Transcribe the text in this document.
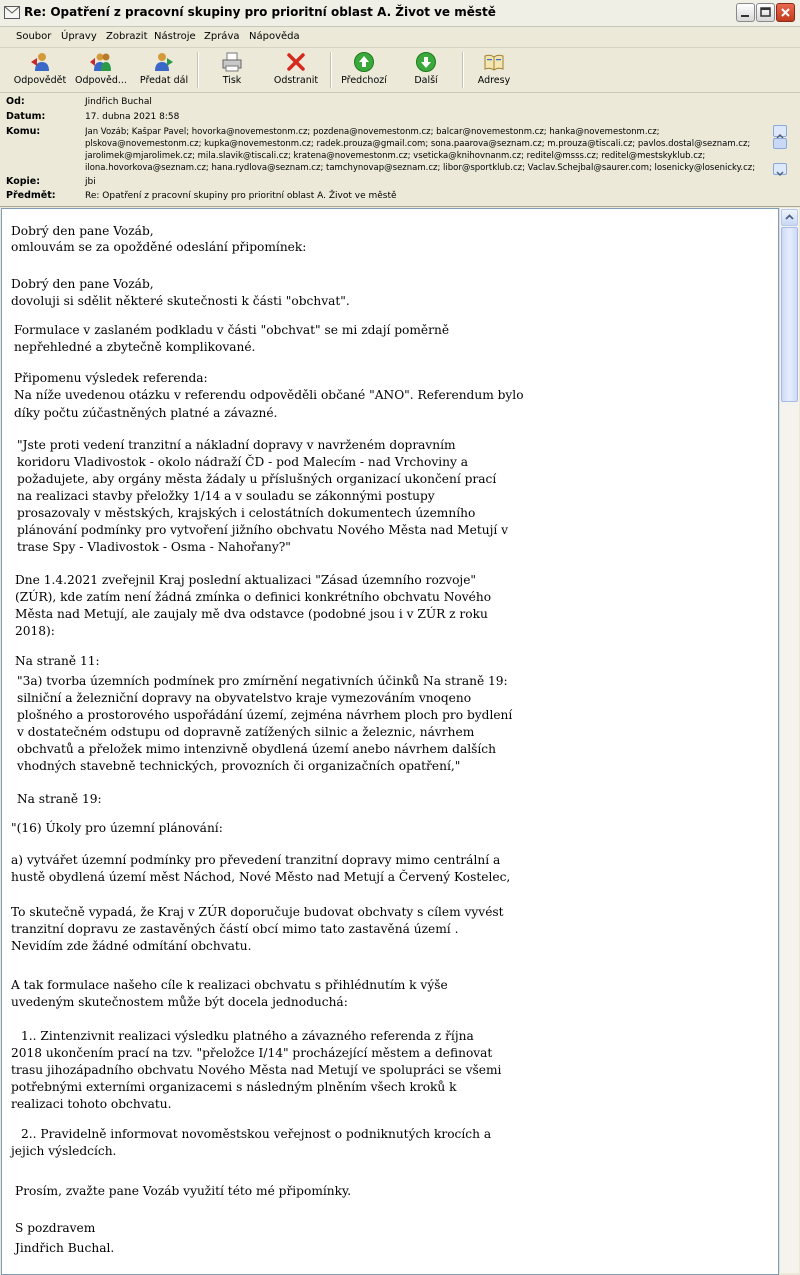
Re: Opatření z pracovní skupiny pro prioritní oblast A. Život ve městě
Soubor Úpravy Zobrazit Nástroje Zpráva Nápověda
Odpovědět Odpověd...	Předat dál	Tisk	Odstranit	Předchozí	Další	Adresy
Od:	Jindřich Buchal
Datum:	17. dubna 2021 8:58
Komu:	Jan Vozáb; Kašpar Pavel; hovorka@novemestonm.cz; pozdena@novemestonm.cz; balcar@novemestonm.cz; hanka@novemestonm.cz;
plskova@novemestonm.cz; kupka@novemestonm.cz; radek.prouza@gmail.com; sona.paarova@seznam.cz; m.prouza@tiscali.cz; pavlos.dostal@seznam.cz;
jarolimek@mjarolimek.cz; mila.slavik@tiscali.cz; kratena@novemestonm.cz; vseticka@knihovnanm.cz; reditel@msss.cz; reditel@mestskyklub.cz;
ilona.hovorkova@seznam.cz; hana.rydlova@seznam.cz; tamchynovap@seznam.cz; libor@sportklub.cz; Vaclav.Schejbal@saurer.com; losenicky@losenicky.cz;
Kopie:	jbi
Předmět:	Re: Opatření z pracovní skupiny pro prioritní oblast A. Život ve městě
Dobrý den pane Vozáb,
omlouvám se za opožděné odeslání připomínek:
Dobrý den pane Vozáb,
dovoluji si sdělit některé skutečnosti k části "obchvat".
Formulace v zaslaném podkladu v části "obchvat" se mi zdají poměrně
nepřehledné a zbytečně komplikované.
Připomenu výsledek referenda:
Na níže uvedenou otázku v referendu odpověděli občané "ANO". Referendum bylo
díky počtu zúčastněných platné a závazné.
"Jste proti vedení tranzitní a nákladní dopravy v navrženém dopravním
koridoru Vladivostok - okolo nádraží ČD - pod Malecím - nad Vrchoviny a
požadujete, aby orgány města žádaly u příslušných organizací ukončení prací
na realizaci stavby přeložky 1/14 a v souladu se zákonnými postupy
prosazovaly v městských, krajských i celostátních dokumentech územního
plánování podmínky pro vytvoření jižního obchvatu Nového Města nad Metují v
trase Spy - Vladivostok - Osma - Nahořany?"
Dne 1.4.2021 zveřejnil Kraj poslední aktualizaci "Zásad územního rozvoje"
(ZÚR), kde zatím není žádná zmínka o definici konkrétního obchvatu Nového
Města nad Metují, ale zaujaly mě dva odstavce (podobné jsou i v ZÚR z roku
2018):
Na straně 11:
"3a) tvorba územních podmínek pro zmírnění negativních účinků Na straně 19:
silniční a železniční dopravy na obyvatelstvo kraje vymezováním vnoqeno
plošného a prostorového uspořádání území, zejména návrhem ploch pro bydlení
v dostatečném odstupu od dopravně zatížených silnic a železnic, návrhem
obchvatů a přeložek mimo intenzivně obydlená území anebo návrhem dalších
vhodných stavebně technických, provozních či organizačních opatření,"
Na straně 19:
"(16) Úkoly pro územní plánování:
a) vytvářet územní podmínky pro převedení tranzitní dopravy mimo centrální a
hustě obydlená území měst Náchod, Nové Město nad Metují a Červený Kostelec,
To skutečně vypadá, že Kraj v ZÚR doporučuje budovat obchvaty s cílem vyvést
tranzitní dopravu ze zastavěných částí obcí mimo tato zastavěná území .
Nevidím zde žádné odmítání obchvatu.
A tak formulace našeho cíle k realizaci obchvatu s přihlédnutím k výše
uvedeným skutečnostem může být docela jednoduchá:
1.. Zintenzivnit realizaci výsledku platného a závazného referenda z října
2018 ukončením prací na tzv. "přeložce I/14" procházející městem a definovat
trasu jihozápadního obchvatu Nového Města nad Metují ve spolupráci se všemi
potřebnými externími organizacemi s následným plněním všech kroků k
realizaci tohoto obchvatu.
2.. Pravidelně informovat novoměstskou veřejnost o podniknutých krocích a
jejich výsledcích.
Prosím, zvažte pane Vozáb využití této mé připomínky.
S pozdravem
Jindřich Buchal.
